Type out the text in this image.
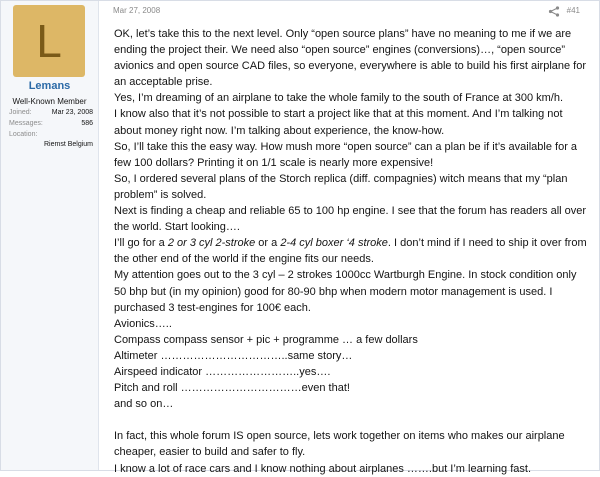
L
Lemans
Well-Known Member
Joined:	Mar 23, 2008
Messages:	586
Location:
Riemst Belgium
Mar 27, 2008	#41

OK, let’s take this to the next level. Only “open source plans” have no meaning to me if we are ending the project their. We need also “open source” engines (conversions)…, “open source” avionics and open source CAD files, so everyone, everywhere is able to build his first airplane for an acceptable prise.

Yes, I’m dreaming of an airplane to take the whole family to the south of France at 300 km/h.

I know also that it’s not possible to start a project like that at this moment. And I’m talking not about money right now. I’m talking about experience, the know-how.

So, I’ll take this the easy way. How mush more “open source” can a plan be if it’s available for a few 100 dollars? Printing it on 1/1 scale is nearly more expensive!

So, I ordered several plans of the Storch replica (diff. compagnies) witch means that my “plan problem” is solved.

Next is finding a cheap and reliable 65 to 100 hp engine. I see that the forum has readers all over the world. Start looking….

I’ll go for a 2 or 3 cyl 2-stroke or a 2-4 cyl boxer ‘4 stroke. I don’t mind if I need to ship it over from the other end of the world if the engine fits our needs.

My attention goes out to the 3 cyl – 2 strokes 1000cc Wartburgh Engine. In stock condition only 50 bhp but (in my opinion) good for 80-90 bhp when modern motor management is used. I purchased 3 test-engines for 100€ each.

Avionics…..

Compass compass sensor + pic + programme … a few dollars

Altimeter ……………………………..same story…

Airspeed indicator ……………………..yes….

Pitch and roll ……………………………even that!

and so on…

In fact, this whole forum IS open source, lets work together on items who makes our airplane cheaper, easier to build and safer to fly.

I know a lot of race cars and I know nothing about airplanes …….but I’m learning fast.
